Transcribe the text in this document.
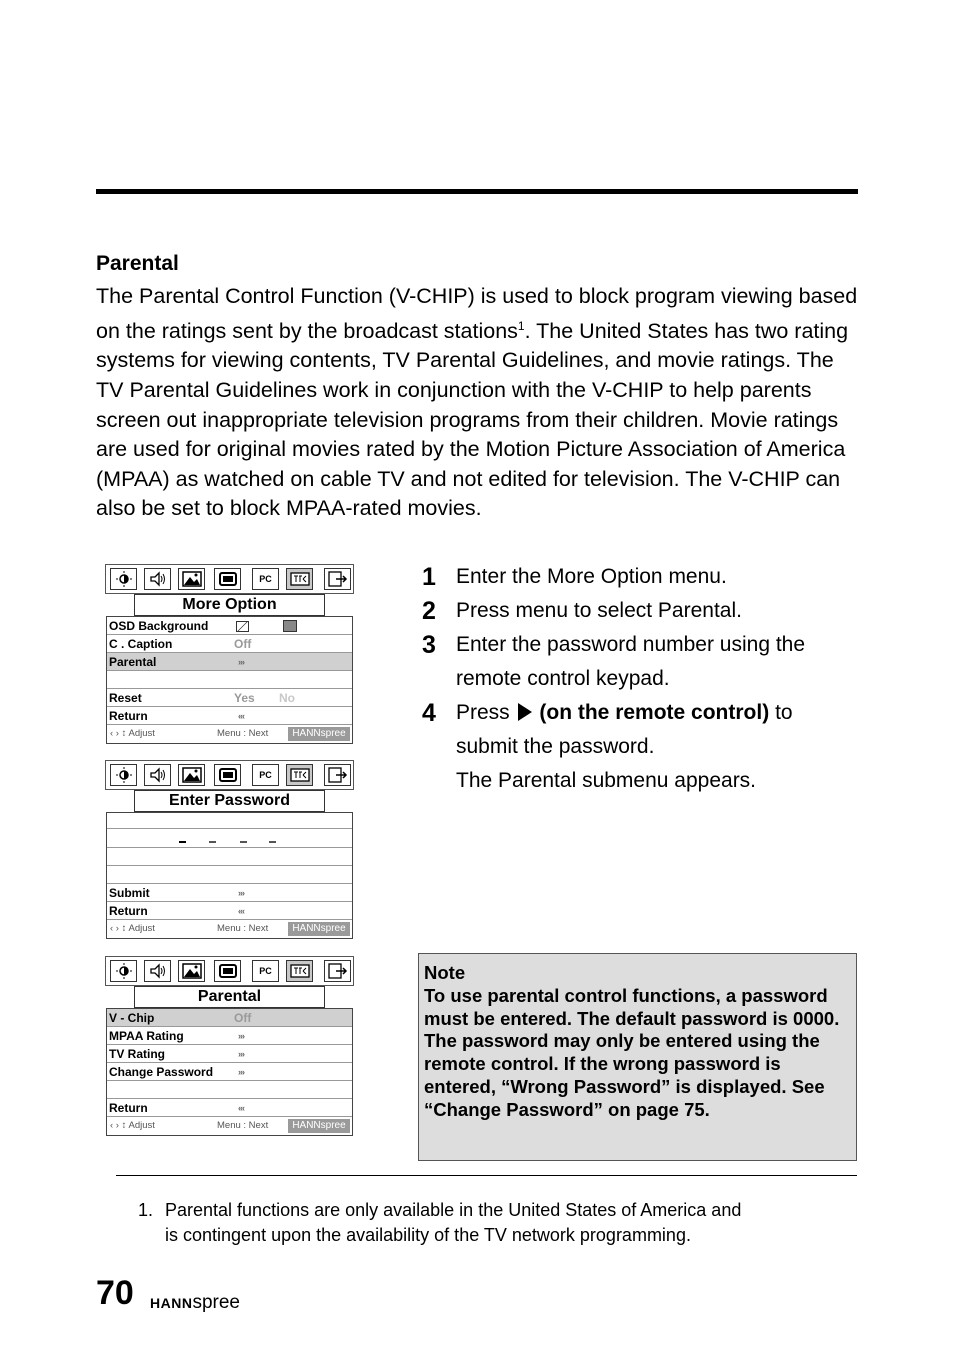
Parental
The Parental Control Function (V-CHIP) is used to block program viewing based on the ratings sent by the broadcast stations$^1$. The United States has two rating systems for viewing contents, TV Parental Guidelines, and movie ratings. The TV Parental Guidelines work in conjunction with the V-CHIP to help parents screen out inappropriate television programs from their children. Movie ratings are used for original movies rated by the Motion Picture Association of America (MPAA) as watched on cable TV and not edited for television. The V-CHIP can also be set to block MPAA-rated movies.
PC
More Option
OSD Background
C . Caption	Off
Parental	›››
Reset	Yes No
Return	‹‹‹
‹ › ↕ Adjust	Menu : Next	HANNspree
PC
Enter Password
Submit	›››
Return	‹‹‹
‹ › ↕ Adjust	Menu : Next	HANNspree
PC
Parental
V - Chip	Off
MPAA Rating	›››
TV Rating	›››
Change Password	›››
Return	‹‹‹
‹ › ↕ Adjust	Menu : Next	HANNspree
1 Enter the More Option menu.
2 Press menu to select Parental.
3 Enter the password number using the
remote control keypad.
4 Press (on the remote control) to
submit the password.
The Parental submenu appears.
Note
To use parental control functions, a password must be entered. The default password is 0000. The password may only be entered using the remote control. If the wrong password is entered, “Wrong Password” is displayed. See “Change Password” on page 75.
1. Parental functions are only available in the United States of America and
is contingent upon the availability of the TV network programming.
70 HANNspree
